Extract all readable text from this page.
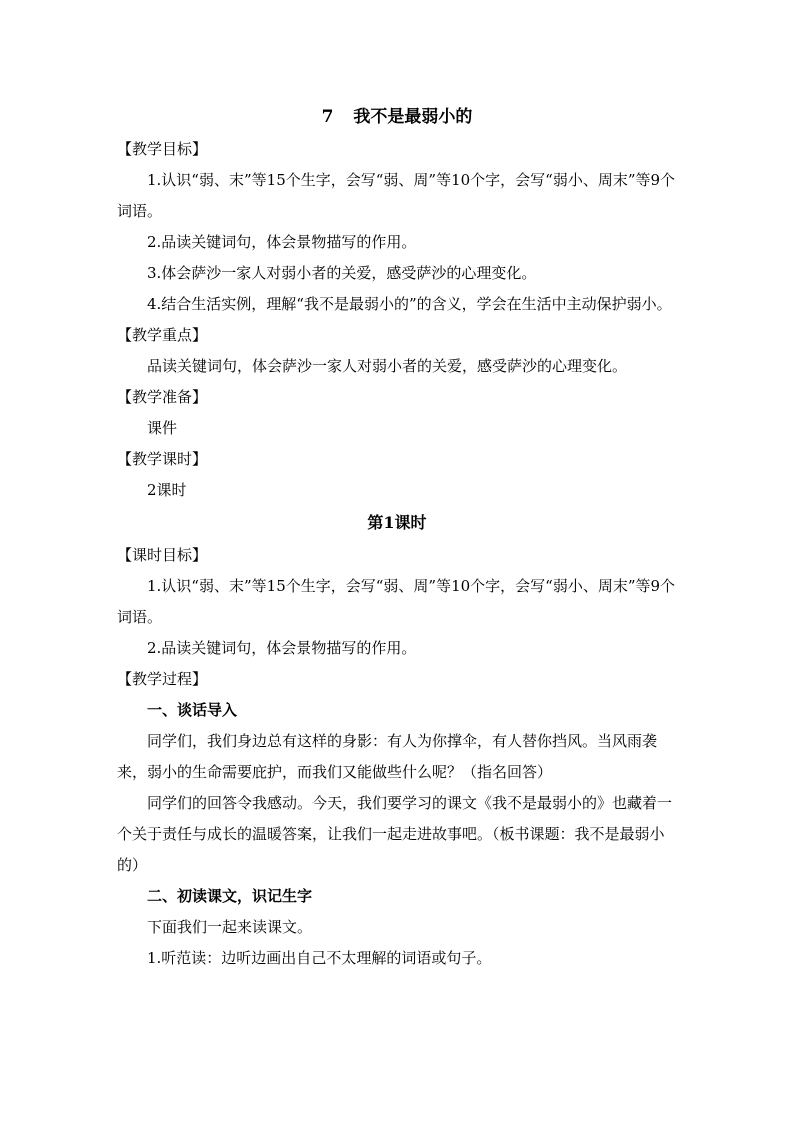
7 我不是最弱小的

【教学目标】

1.认识“弱、末”等15个生字，会写“弱、周”等10个字，会写“弱小、周末”等9个词语。

2.品读关键词句，体会景物描写的作用。

3.体会萨沙一家人对弱小者的关爱，感受萨沙的心理变化。

4.结合生活实例，理解“我不是最弱小的”的含义，学会在生活中主动保护弱小。

【教学重点】

品读关键词句，体会萨沙一家人对弱小者的关爱，感受萨沙的心理变化。

【教学准备】

课件

【教学课时】

2课时

第1课时

【课时目标】

1.认识“弱、末”等15个生字，会写“弱、周”等10个字，会写“弱小、周末”等9个词语。

2.品读关键词句，体会景物描写的作用。

【教学过程】

一、谈话导入

同学们，我们身边总有这样的身影：有人为你撑伞，有人替你挡风。当风雨袭来，弱小的生命需要庇护，而我们又能做些什么呢？（指名回答）

同学们的回答令我感动。今天，我们要学习的课文《我不是最弱小的》也藏着一个关于责任与成长的温暖答案，让我们一起走进故事吧。（板书课题：我不是最弱小的）

二、初读课文，识记生字

下面我们一起来读课文。

1.听范读：边听边画出自己不太理解的词语或句子。
